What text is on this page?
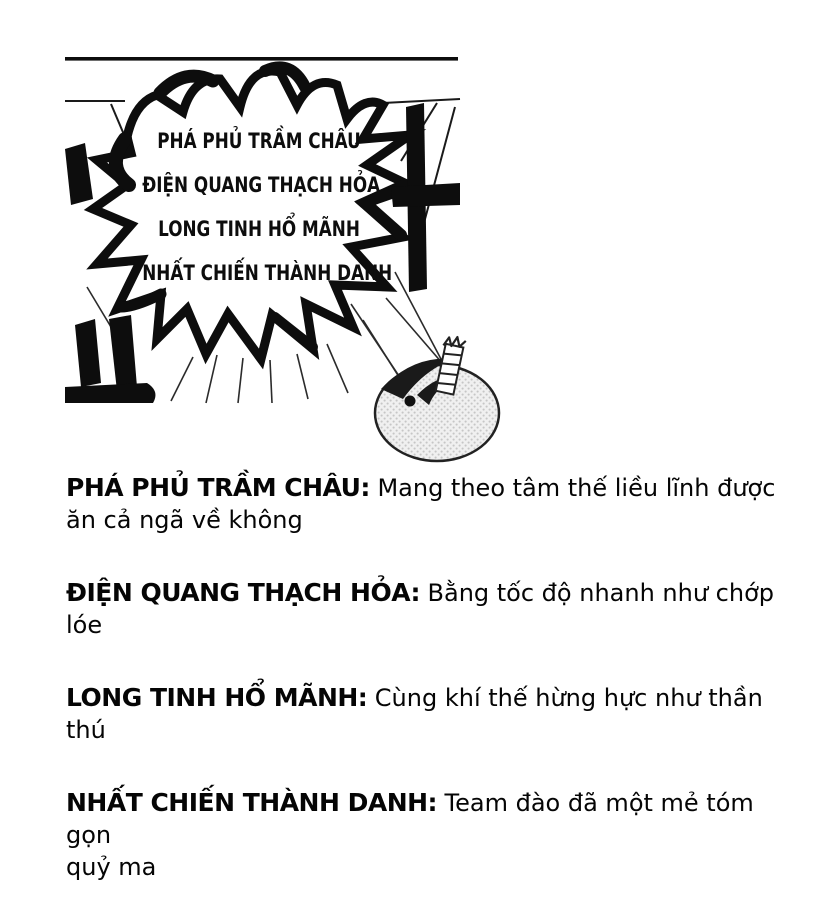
PHÁ PHỦ TRẦM CHÂU
ĐIỆN QUANG THẠCH HỎA
LONG TINH HỔ MÃNH
NHẤT CHIẾN THÀNH DANH

PHÁ PHỦ TRẦM CHÂU: Mang theo tâm thế liều lĩnh được
ăn cả ngã về không

ĐIỆN QUANG THẠCH HỎA: Bằng tốc độ nhanh như chớp lóe

LONG TINH HỔ MÃNH: Cùng khí thế hừng hực như thần thú

NHẤT CHIẾN THÀNH DANH: Team đào đã một mẻ tóm gọn
quỷ ma
